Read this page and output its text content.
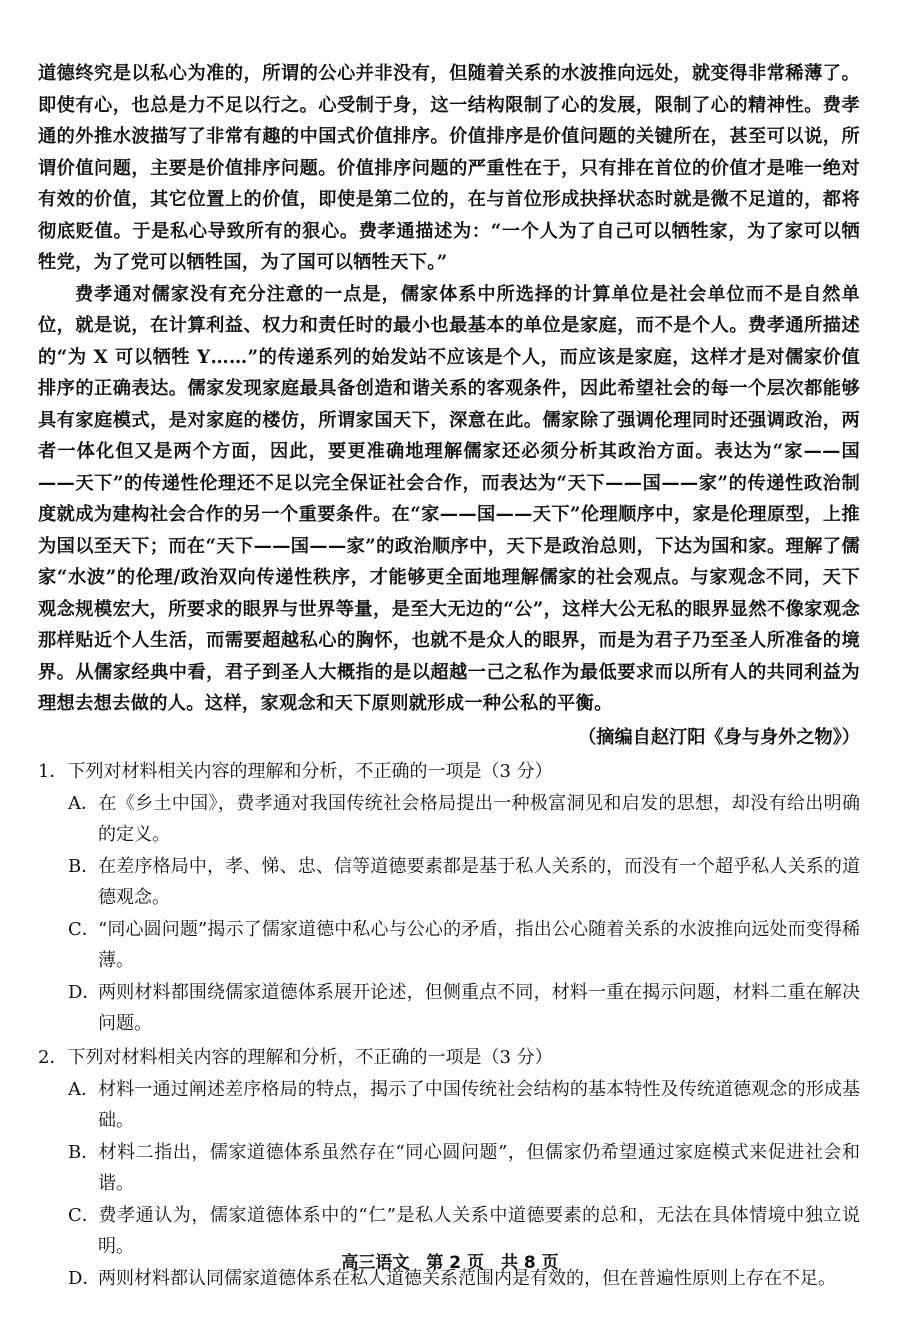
道德终究是以私心为准的，所谓的公心并非没有，但随着关系的水波推向远处，就变得非常稀薄了。即使有心，也总是力不足以行之。心受制于身，这一结构限制了心的发展，限制了心的精神性。费孝通的外推水波描写了非常有趣的中国式价值排序。价值排序是价值问题的关键所在，甚至可以说，所谓价值问题，主要是价值排序问题。价值排序问题的严重性在于，只有排在首位的价值才是唯一绝对有效的价值，其它位置上的价值，即使是第二位的，在与首位形成抉择状态时就是微不足道的，都将彻底贬值。于是私心导致所有的狠心。费孝通描述为：“一个人为了自己可以牺牲家，为了家可以牺牲党，为了党可以牺牲国，为了国可以牺牲天下。”

费孝通对儒家没有充分注意的一点是，儒家体系中所选择的计算单位是社会单位而不是自然单位，就是说，在计算利益、权力和责任时的最小也最基本的单位是家庭，而不是个人。费孝通所描述的“为 X 可以牺牲 Y……”的传递系列的始发站不应该是个人，而应该是家庭，这样才是对儒家价值排序的正确表达。儒家发现家庭最具备创造和谐关系的客观条件，因此希望社会的每一个层次都能够具有家庭模式，是对家庭的楼仿，所谓家国天下，深意在此。儒家除了强调伦理同时还强调政治，两者一体化但又是两个方面，因此，要更准确地理解儒家还必须分析其政治方面。表达为“家——国——天下”的传递性伦理还不足以完全保证社会合作，而表达为“天下——国——家”的传递性政治制度就成为建构社会合作的另一个重要条件。在“家——国——天下”伦理顺序中，家是伦理原型，上推为国以至天下；而在“天下——国——家”的政治顺序中，天下是政治总则，下达为国和家。理解了儒家“水波”的伦理/政治双向传递性秩序，才能够更全面地理解儒家的社会观点。与家观念不同，天下观念规模宏大，所要求的眼界与世界等量，是至大无边的“公”，这样大公无私的眼界显然不像家观念那样贴近个人生活，而需要超越私心的胸怀，也就不是众人的眼界，而是为君子乃至圣人所准备的境界。从儒家经典中看，君子到圣人大概指的是以超越一己之私作为最低要求而以所有人的共同利益为理想去想去做的人。这样，家观念和天下原则就形成一种公私的平衡。

（摘编自赵汀阳《身与身外之物》）

1．下列对材料相关内容的理解和分析，不正确的一项是（3 分）

A．在《乡土中国》，费孝通对我国传统社会格局提出一种极富洞见和启发的思想，却没有给出明确的定义。

B．在差序格局中，孝、悌、忠、信等道德要素都是基于私人关系的，而没有一个超乎私人关系的道德观念。

C．“同心圆问题”揭示了儒家道德中私心与公心的矛盾，指出公心随着关系的水波推向远处而变得稀薄。

D．两则材料都围绕儒家道德体系展开论述，但侧重点不同，材料一重在揭示问题，材料二重在解决问题。

2．下列对材料相关内容的理解和分析，不正确的一项是（3 分）

A．材料一通过阐述差序格局的特点，揭示了中国传统社会结构的基本特性及传统道德观念的形成基础。

B．材料二指出，儒家道德体系虽然存在“同心圆问题”，但儒家仍希望通过家庭模式来促进社会和谐。

C．费孝通认为，儒家道德体系中的“仁”是私人关系中道德要素的总和，无法在具体情境中独立说明。

D．两则材料都认同儒家道德体系在私人道德关系范围内是有效的，但在普遍性原则上存在不足。

高三语文　第 2 页　共 8 页
